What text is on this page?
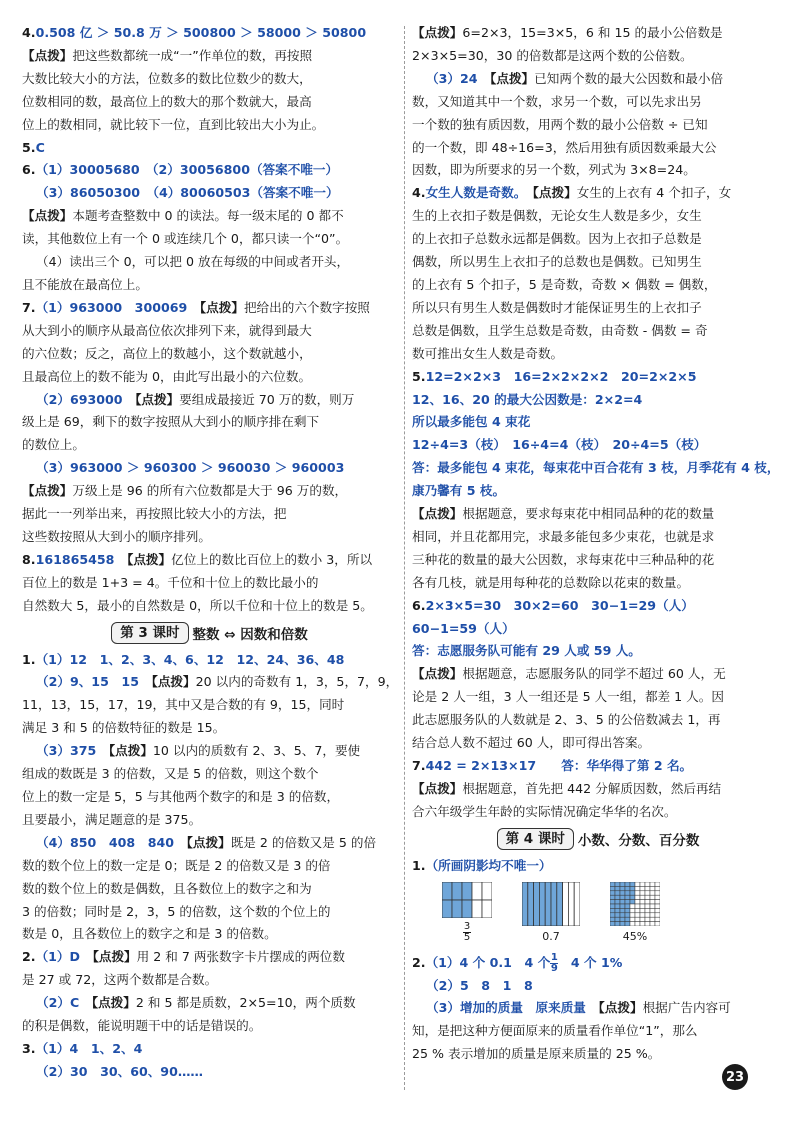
4.0.508 亿 ＞ 50.8 万 ＞ 500800 ＞ 58000 ＞ 50800
【点拨】把这些数都统一成“一”作单位的数，再按照
大数比较大小的方法，位数多的数比位数少的数大，
位数相同的数，最高位上的数大的那个数就大，最高
位上的数相同，就比较下一位，直到比较出大小为止。
5.C
6.（1）30005680　（2）30056800（答案不唯一）
（3）86050300　（4）80060503（答案不唯一）
【点拨】本题考查整数中 0 的读法。每一级末尾的 0 都不
读，其他数位上有一个 0 或连续几个 0，都只读一个“0”。
（4）读出三个 0，可以把 0 放在每级的中间或者开头，
且不能放在最高位上。
7.（1）963000　300069　【点拨】把给出的六个数字按照
从大到小的顺序从最高位依次排列下来，就得到最大
的六位数；反之，高位上的数越小，这个数就越小，
且最高位上的数不能为 0，由此写出最小的六位数。
（2）693000　【点拨】要组成最接近 70 万的数，则万
级上是 69，剩下的数字按照从大到小的顺序排在剩下
的数位上。
（3）963000 ＞ 960300 ＞ 960030 ＞ 960003
【点拨】万级上是 96 的所有六位数都是大于 96 万的数，
据此一一列举出来，再按照比较大小的方法，把
这些数按照从大到小的顺序排列。
8.161865458　【点拨】亿位上的数比百位上的数小 3，所以
百位上的数是 1+3 = 4。千位和十位上的数比最小的
自然数大 5，最小的自然数是 0，所以千位和十位上的数是 5。
第 3 课时 整数 ⇔ 因数和倍数
1.（1）12　1、2、3、4、6、12　12、24、36、48
（2）9、15　15　【点拨】20 以内的奇数有 1，3，5，7，9，
11，13，15，17，19，其中又是合数的有 9，15，同时
满足 3 和 5 的倍数特征的数是 15。
（3）375　【点拨】10 以内的质数有 2、3、5、7，要使
组成的数既是 3 的倍数，又是 5 的倍数，则这个数个
位上的数一定是 5，5 与其他两个数字的和是 3 的倍数，
且要最小，满足题意的是 375。
（4）850　408　840　【点拨】既是 2 的倍数又是 5 的倍
数的数个位上的数一定是 0；既是 2 的倍数又是 3 的倍
数的数个位上的数是偶数，且各数位上的数字之和为
3 的倍数；同时是 2，3，5 的倍数，这个数的个位上的
数是 0，且各数位上的数字之和是 3 的倍数。
2.（1）D　【点拨】用 2 和 7 两张数字卡片摆成的两位数
是 27 或 72，这两个数都是合数。
（2）C　【点拨】2 和 5 都是质数，2×5=10，两个质数
的积是偶数，能说明题干中的话是错误的。
3.（1）4　1、2、4
（2）30　30、60、90……
【点拨】6=2×3，15=3×5，6 和 15 的最小公倍数是
2×3×5=30，30 的倍数都是这两个数的公倍数。
（3）24　【点拨】已知两个数的最大公因数和最小倍
数，又知道其中一个数，求另一个数，可以先求出另
一个数的独有质因数，用两个数的最小公倍数 ÷ 已知
的一个数，即 48÷16=3，然后用独有质因数乘最大公
因数，即为所要求的另一个数，列式为 3×8=24。
4.女生人数是奇数。　【点拨】女生的上衣有 4 个扣子，女
生的上衣扣子数是偶数，无论女生人数是多少，女生
的上衣扣子总数永远都是偶数。因为上衣扣子总数是
偶数，所以男生上衣扣子的总数也是偶数。已知男生
的上衣有 5 个扣子，5 是奇数，奇数 × 偶数 = 偶数，
所以只有男生人数是偶数时才能保证男生的上衣扣子
总数是偶数，且学生总数是奇数，由奇数 - 偶数 = 奇
数可推出女生人数是奇数。
5.12=2×2×3　16=2×2×2×2　20=2×2×5
12、16、20 的最大公因数是：2×2=4
所以最多能包 4 束花
12÷4=3（枝）　16÷4=4（枝）　20÷4=5（枝）
答：最多能包 4 束花，每束花中百合花有 3 枝，月季花有 4 枝，
康乃馨有 5 枝。
【点拨】根据题意，要求每束花中相同品种的花的数量
相同，并且花都用完，求最多能包多少束花，也就是求
三种花的数量的最大公因数，求每束花中三种品种的花
各有几枝，就是用每种花的总数除以花束的数量。
6.2×3×5=30　30×2=60　30−1=29（人）
60−1=59（人）
答：志愿服务队可能有 29 人或 59 人。
【点拨】根据题意，志愿服务队的同学不超过 60 人，无
论是 2 人一组，3 人一组还是 5 人一组，都差 1 人。因
此志愿服务队的人数就是 2、3、5 的公倍数减去 1，再
结合总人数不超过 60 人，即可得出答案。
7.442 = 2×13×17　　答：华华得了第 2 名。
【点拨】根据题意，首先把 442 分解质因数，然后再结
合六年级学生年龄的实际情况确定华华的名次。
第 4 课时 小数、分数、百分数
1.（所画阴影均不唯一）
$\frac{3}{5}$	0.7	45%
2.（1）4 个 0.1　4 个 $\frac{1}{9}$ 　4 个 1%
（2）5　8　1　8
（3）增加的质量　原来质量　【点拨】根据广告内容可
知，是把这种方便面原来的质量看作单位“1”，那么
25 % 表示增加的质量是原来质量的 25 %。
23
